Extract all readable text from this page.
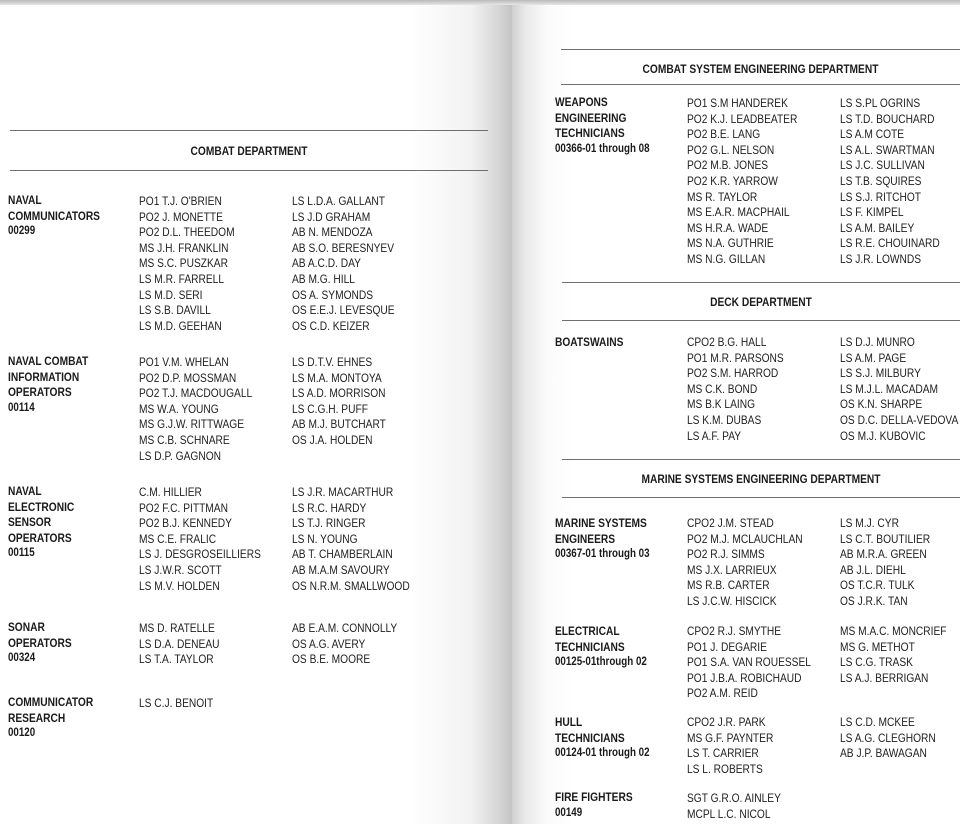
COMBAT DEPARTMENT
NAVAL
COMMUNICATORS
00299
PO1 T.J. O'BRIEN
PO2 J. MONETTE
PO2 D.L. THEEDOM
MS J.H. FRANKLIN
MS S.C. PUSZKAR
LS M.R. FARRELL
LS M.D. SERI
LS S.B. DAVILL
LS M.D. GEEHAN
LS L.D.A. GALLANT
LS J.D GRAHAM
AB N. MENDOZA
AB S.O. BERESNYEV
AB A.C.D. DAY
AB M.G. HILL
OS A. SYMONDS
OS E.E.J. LEVESQUE
OS C.D. KEIZER
NAVAL COMBAT
INFORMATION
OPERATORS
00114
PO1 V.M. WHELAN
PO2 D.P. MOSSMAN
PO2 T.J. MACDOUGALL
MS W.A. YOUNG
MS G.J.W. RITTWAGE
MS C.B. SCHNARE
LS D.P. GAGNON
LS D.T.V. EHNES
LS M.A. MONTOYA
LS A.D. MORRISON
LS C.G.H. PUFF
AB M.J. BUTCHART
OS J.A. HOLDEN
NAVAL
ELECTRONIC
SENSOR
OPERATORS
00115
C.M. HILLIER
PO2 F.C. PITTMAN
PO2 B.J. KENNEDY
MS C.E. FRALIC
LS J. DESGROSEILLIERS
LS J.W.R. SCOTT
LS M.V. HOLDEN
LS J.R. MACARTHUR
LS R.C. HARDY
LS T.J. RINGER
LS N. YOUNG
AB T. CHAMBERLAIN
AB M.A.M SAVOURY
OS N.R.M. SMALLWOOD
SONAR
OPERATORS
00324
MS D. RATELLE
LS D.A. DENEAU
LS T.A. TAYLOR
AB E.A.M. CONNOLLY
OS A.G. AVERY
OS B.E. MOORE
COMMUNICATOR
RESEARCH
00120
LS C.J. BENOIT
COMBAT SYSTEM ENGINEERING DEPARTMENT
WEAPONS
ENGINEERING
TECHNICIANS
00366-01 through 08
PO1 S.M HANDEREK
PO2 K.J. LEADBEATER
PO2 B.E. LANG
PO2 G.L. NELSON
PO2 M.B. JONES
PO2 K.R. YARROW
MS R. TAYLOR
MS E.A.R. MACPHAIL
MS H.R.A. WADE
MS N.A. GUTHRIE
MS N.G. GILLAN
LS S.PL OGRINS
LS T.D. BOUCHARD
LS A.M COTE
LS A.L. SWARTMAN
LS J.C. SULLIVAN
LS T.B. SQUIRES
LS S.J. RITCHOT
LS F. KIMPEL
LS A.M. BAILEY
LS R.E. CHOUINARD
LS J.R. LOWNDS
DECK DEPARTMENT
BOATSWAINS	CPO2 B.G. HALL
PO1 M.R. PARSONS
PO2 S.M. HARROD
MS C.K. BOND
MS B.K LAING
LS K.M. DUBAS
LS A.F. PAY
LS D.J. MUNRO
LS A.M. PAGE
LS S.J. MILBURY
LS M.J.L. MACADAM
OS K.N. SHARPE
OS D.C. DELLA-VEDOVA
OS M.J. KUBOVIC
MARINE SYSTEMS ENGINEERING DEPARTMENT
MARINE SYSTEMS
ENGINEERS
00367-01 through 03
CPO2 J.M. STEAD
PO2 M.J. MCLAUCHLAN
PO2 R.J. SIMMS
MS J.X. LARRIEUX
MS R.B. CARTER
LS J.C.W. HISCICK
LS M.J. CYR
LS C.T. BOUTILIER
AB M.R.A. GREEN
AB J.L. DIEHL
OS T.C.R. TULK
OS J.R.K. TAN
ELECTRICAL
TECHNICIANS
00125-01through 02
CPO2 R.J. SMYTHE
PO1 J. DEGARIE
PO1 S.A. VAN ROUESSEL
PO1 J.B.A. ROBICHAUD
PO2 A.M. REID
MS M.A.C. MONCRIEF
MS G. METHOT
LS C.G. TRASK
LS A.J. BERRIGAN
HULL
TECHNICIANS
00124-01 through 02
CPO2 J.R. PARK
MS G.F. PAYNTER
LS T. CARRIER
LS L. ROBERTS
LS C.D. MCKEE
LS A.G. CLEGHORN
AB J.P. BAWAGAN
FIRE FIGHTERS
00149
SGT G.R.O. AINLEY
MCPL L.C. NICOL
